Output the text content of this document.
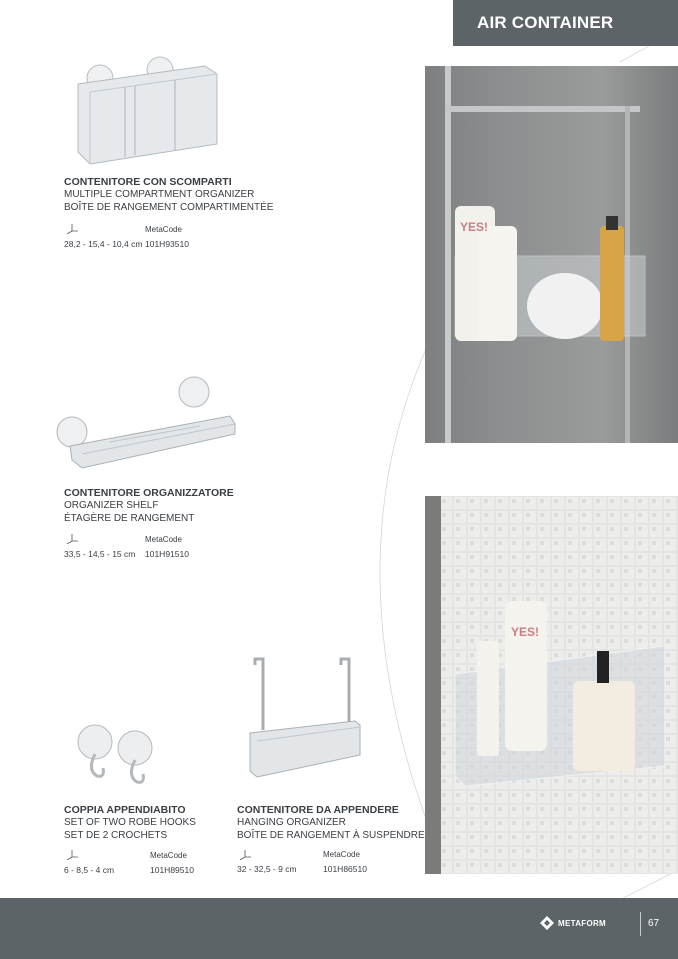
AIR CONTAINER

CONTENITORE CON SCOMPARTI

MULTIPLE COMPARTMENT ORGANIZER

BOÎTE DE RANGEMENT COMPARTIMENTÉE

MetaCode
28,2 - 15,4 - 10,4 cm 101H93510

CONTENITORE ORGANIZZATORE

ORGANIZER SHELF

ÉTAGÈRE DE RANGEMENT

MetaCode
33,5 - 14,5 - 15 cm 101H91510

COPPIA APPENDIABITO

SET OF TWO ROBE HOOKS

SET DE 2 CROCHETS

MetaCode
6 - 8,5 - 4 cm	101H89510

CONTENITORE DA APPENDERE

HANGING ORGANIZER

BOÎTE DE RANGEMENT À SUSPENDRE

MetaCode
32 - 32,5 - 9 cm	101H86510
YES!
YES!
METAFORM	67
